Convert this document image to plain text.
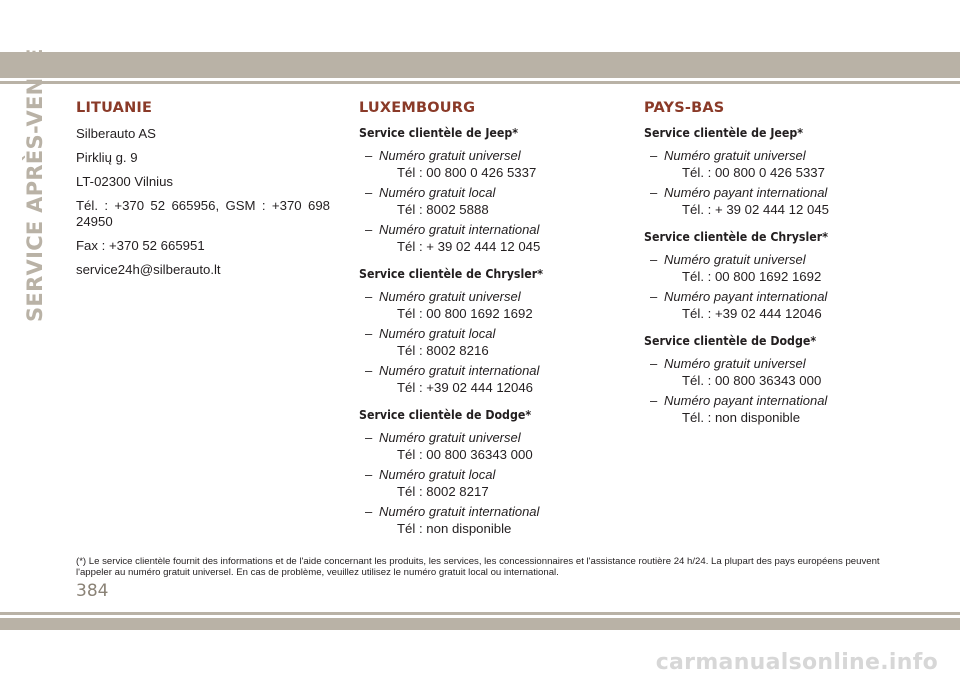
SERVICE APRÈS-VENTE LITUANIE

Silberauto AS

Pirklių g. 9

LT-02300 Vilnius

Tél. : +370 52 665956, GSM : +370 698 24950

Fax : +370 52 665951

service24h@silberauto.lt

LUXEMBOURG

Service clientèle de Jeep*

– Numéro gratuit universel

Tél : 00 800 0 426 5337

– Numéro gratuit local

Tél : 8002 5888

– Numéro gratuit international

Tél : + 39 02 444 12 045

Service clientèle de Chrysler*

– Numéro gratuit universel

Tél : 00 800 1692 1692

– Numéro gratuit local

Tél : 8002 8216

– Numéro gratuit international

Tél : +39 02 444 12046

Service clientèle de Dodge*

– Numéro gratuit universel

Tél : 00 800 36343 000

– Numéro gratuit local

Tél : 8002 8217

– Numéro gratuit international

Tél : non disponible

PAYS-BAS

Service clientèle de Jeep*

– Numéro gratuit universel

Tél. : 00 800 0 426 5337

– Numéro payant international

Tél. : + 39 02 444 12 045

Service clientèle de Chrysler*

– Numéro gratuit universel

Tél. : 00 800 1692 1692

– Numéro payant international

Tél. : +39 02 444 12046

Service clientèle de Dodge*

– Numéro gratuit universel

Tél. : 00 800 36343 000

– Numéro payant international

Tél. : non disponible

(*) Le service clientèle fournit des informations et de l'aide concernant les produits, les services, les concessionnaires et l'assistance routière 24 h/24. La plupart des pays européens peuvent l'appeler au numéro gratuit universel. En cas de problème, veuillez utilisez le numéro gratuit local ou international.
384
carmanualsonline.info
